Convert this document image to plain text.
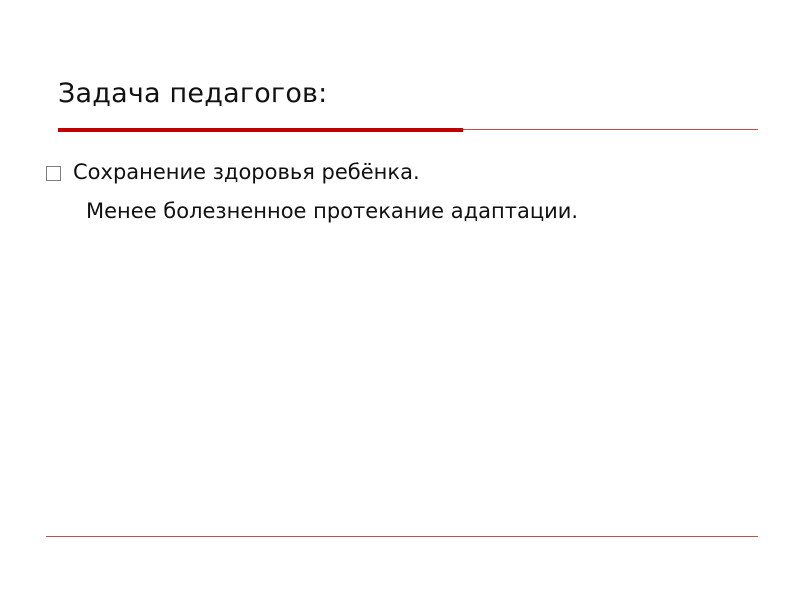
Задача педагогов:
Сохранение здоровья ребёнка.
Менее болезненное протекание адаптации.
